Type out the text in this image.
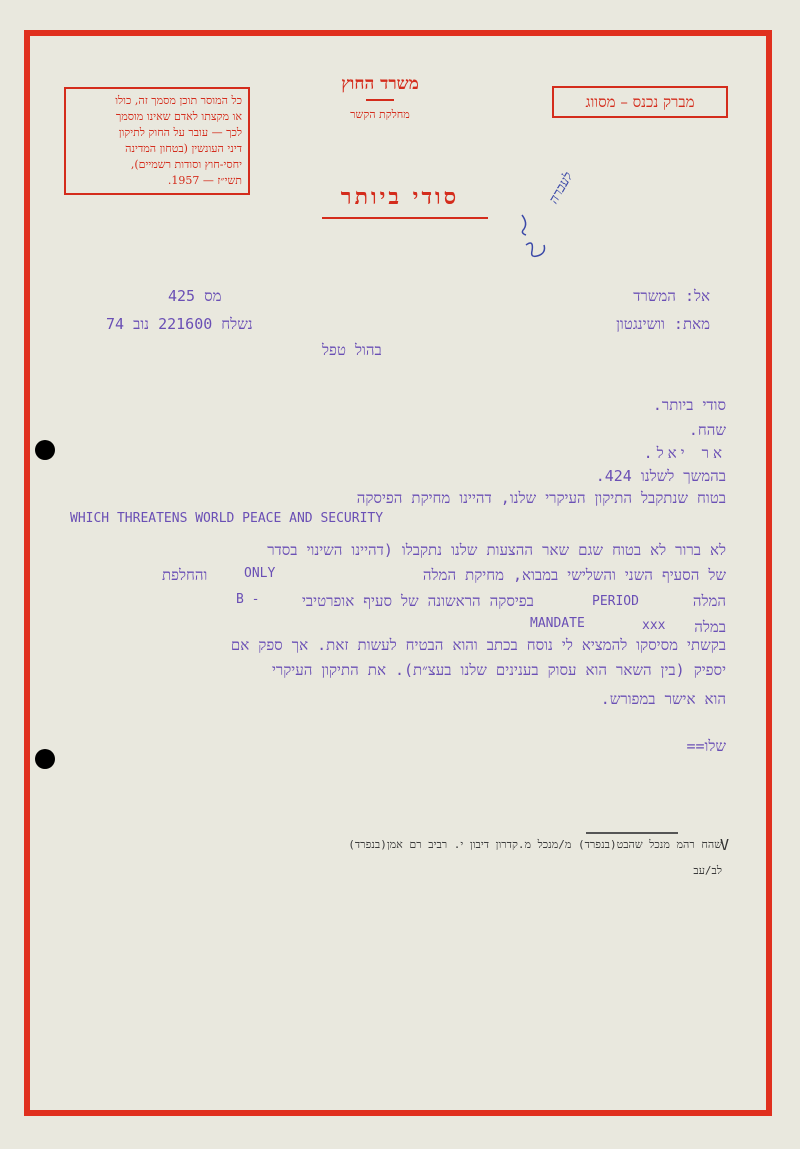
כל המוסר תוכן מסמך זה, כולו
או מקצתו לאדם שאינו מוסמך
לכך — עובר על החוק לתיקון
דיני העונשין (בטחון המדינה
יחסי-חוץ וסודות רשמיים),
תשי״ז — 1957.
משרד החוץ
מחלקת הקשר
מברק נכנס – מסווג
סודי ביותר	לעברה
אל: המשרד
מאת: וושינגטון
מס 425
נשלח 221600 נוב 74
בהול טפל
סודי ביותר.
שהח.
אר יאל.
בהמשך לשלנו 424.
בטוח שנתקבל התיקון העיקרי שלנו, דהיינו מחיקת הפיסקה
WHICH THREATENS WORLD PEACE AND SECURITY
לא ברור לא בטוח שגם שאר ההצעות שלנו נתקבלו (דהיינו השינוי בסדר
של הסעיף השני והשלישי במבוא, מחיקת המלה
ONLY
והחלפת
המלה
PERIOD
בפיסקה הראשונה של סעיף אופרטיבי
B -
MANDATE	במלה
xxx
בקשתי מסיסקו להמציא לי נוסח בכתב והוא הבטיח לעשות זאת. אך ספק אם
יספיק (בין השאר הוא עסוק בענינים שלנו בעצ״ת). את התיקון העיקרי
הוא אישר במפורש.
שלו==
V
שהח רהמ מנכל שהבט(בנפרד) מ/מנכל מ.קדרון דיבון י. רביב רם אמן(בנפרד)
לב/עב
